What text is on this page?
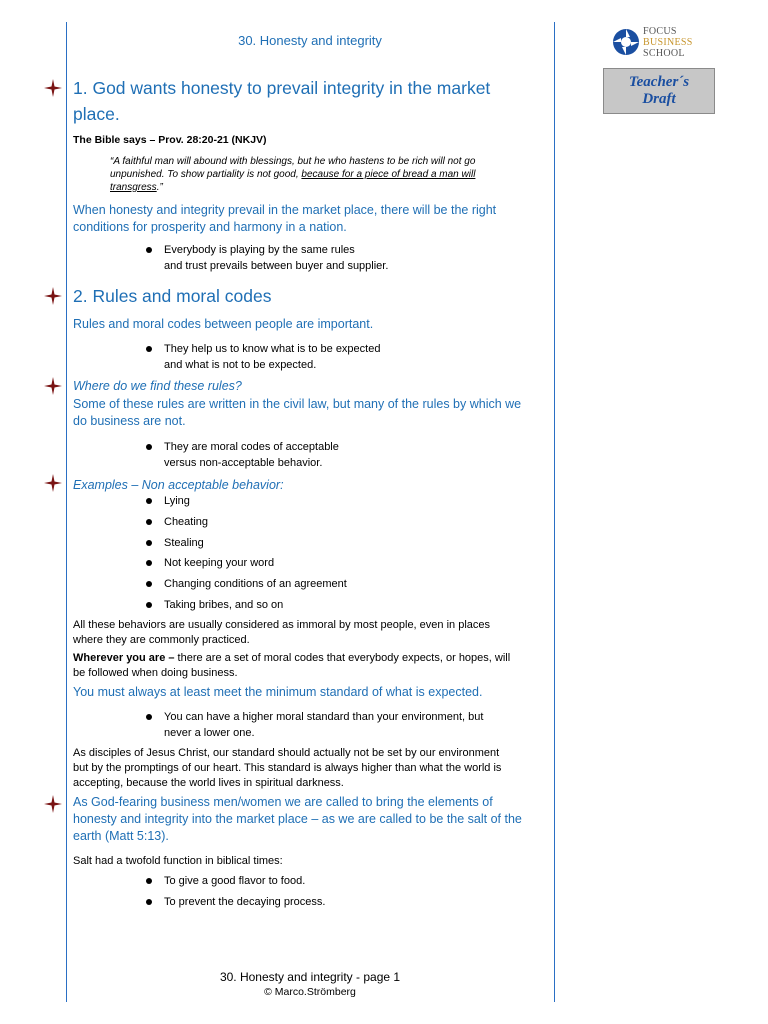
30. Honesty and integrity
FOCUS
BUSINESS
SCHOOL
Teacher´s
Draft
1. God wants honesty to prevail integrity in the market
place.
The Bible says – Prov. 28:20-21 (NKJV)
“A faithful man will abound with blessings, but he who hastens to be rich will not go
unpunished. To show partiality is not good, because for a piece of bread a man will
transgress.”
When honesty and integrity prevail in the market place, there will be the right
conditions for prosperity and harmony in a nation.
Everybody is playing by the same rules
and trust prevails between buyer and supplier.
2. Rules and moral codes
Rules and moral codes between people are important.
They help us to know what is to be expected
and what is not to be expected.
Where do we find these rules?
Some of these rules are written in the civil law, but many of the rules by which we
do business are not.
They are moral codes of acceptable
versus non-acceptable behavior.
Examples – Non acceptable behavior:
Lying
Cheating
Stealing
Not keeping your word
Changing conditions of an agreement
Taking bribes, and so on
All these behaviors are usually considered as immoral by most people, even in places
where they are commonly practiced.
Wherever you are – there are a set of moral codes that everybody expects, or hopes, will
be followed when doing business.
You must always at least meet the minimum standard of what is expected.
You can have a higher moral standard than your environment, but
never a lower one.
As disciples of Jesus Christ, our standard should actually not be set by our environment
but by the promptings of our heart. This standard is always higher than what the world is
accepting, because the world lives in spiritual darkness.
As God-fearing business men/women we are called to bring the elements of
honesty and integrity into the market place – as we are called to be the salt of the
earth (Matt 5:13).
Salt had a twofold function in biblical times:
To give a good flavor to food.
To prevent the decaying process.
30. Honesty and integrity - page 1
© Marco.Strömberg
